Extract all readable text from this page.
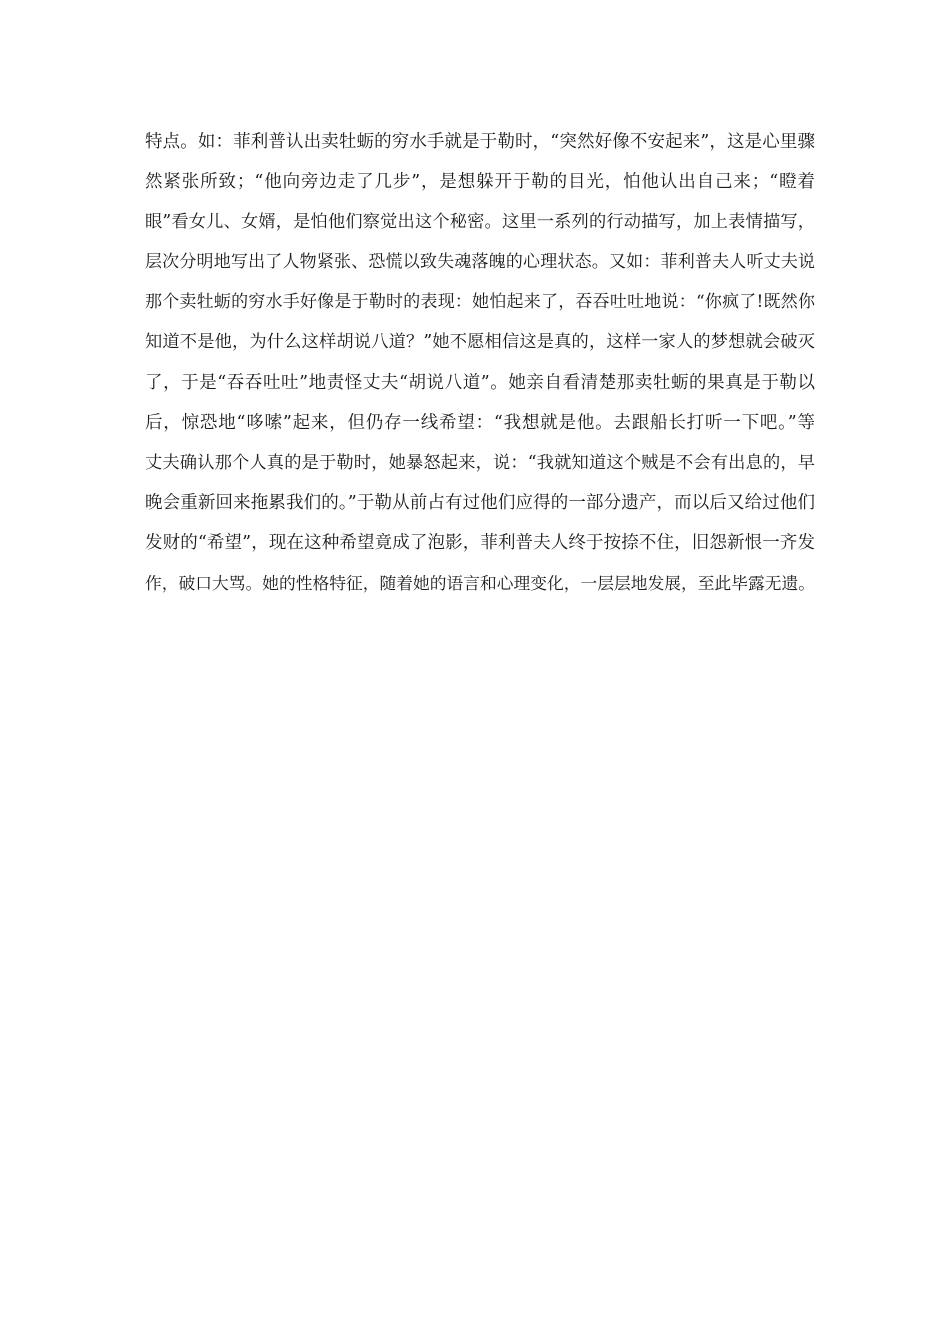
特点。如：菲利普认出卖牡蛎的穷水手就是于勒时，“突然好像不安起来”，这是心里骤
然紧张所致；“他向旁边走了几步”，是想躲开于勒的目光，怕他认出自己来；“瞪着
眼”看女儿、女婿，是怕他们察觉出这个秘密。这里一系列的行动描写，加上表情描写，
层次分明地写出了人物紧张、恐慌以致失魂落魄的心理状态。又如：菲利普夫人听丈夫说
那个卖牡蛎的穷水手好像是于勒时的表现：她怕起来了，吞吞吐吐地说：“你疯了!既然你
知道不是他，为什么这样胡说八道？”她不愿相信这是真的，这样一家人的梦想就会破灭
了，于是“吞吞吐吐”地责怪丈夫“胡说八道”。她亲自看清楚那卖牡蛎的果真是于勒以
后，惊恐地“哆嗦”起来，但仍存一线希望：“我想就是他。去跟船长打听一下吧。”等
丈夫确认那个人真的是于勒时，她暴怒起来，说：“我就知道这个贼是不会有出息的，早
晚会重新回来拖累我们的。”于勒从前占有过他们应得的一部分遗产，而以后又给过他们
发财的“希望”，现在这种希望竟成了泡影，菲利普夫人终于按捺不住，旧怨新恨一齐发
作，破口大骂。她的性格特征，随着她的语言和心理变化，一层层地发展，至此毕露无遗。
